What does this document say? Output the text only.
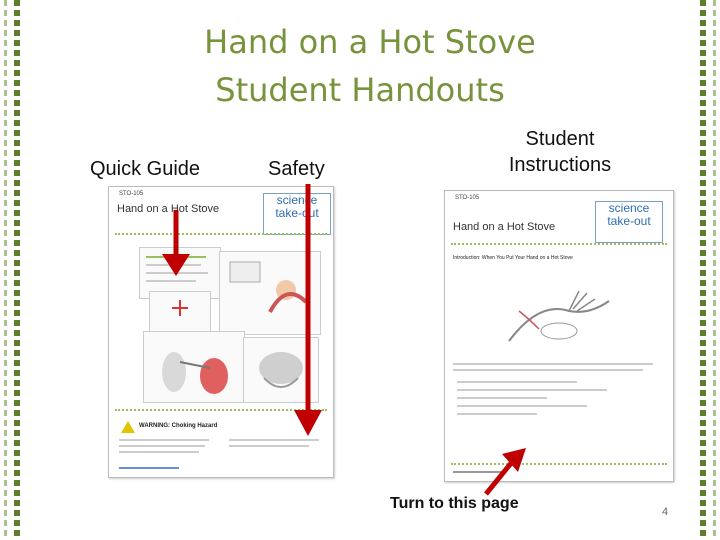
Hand on a Hot Stove
Student Handouts
Quick Guide	Safety
Student
Instructions
STO-105
Hand on a Hot Stove
science
take-out
WARNING: Choking Hazard
STO-105
Hand on a Hot Stove
science
take-out
Introduction: When You Put Your Hand on a Hot Stove
Turn to this page	4
